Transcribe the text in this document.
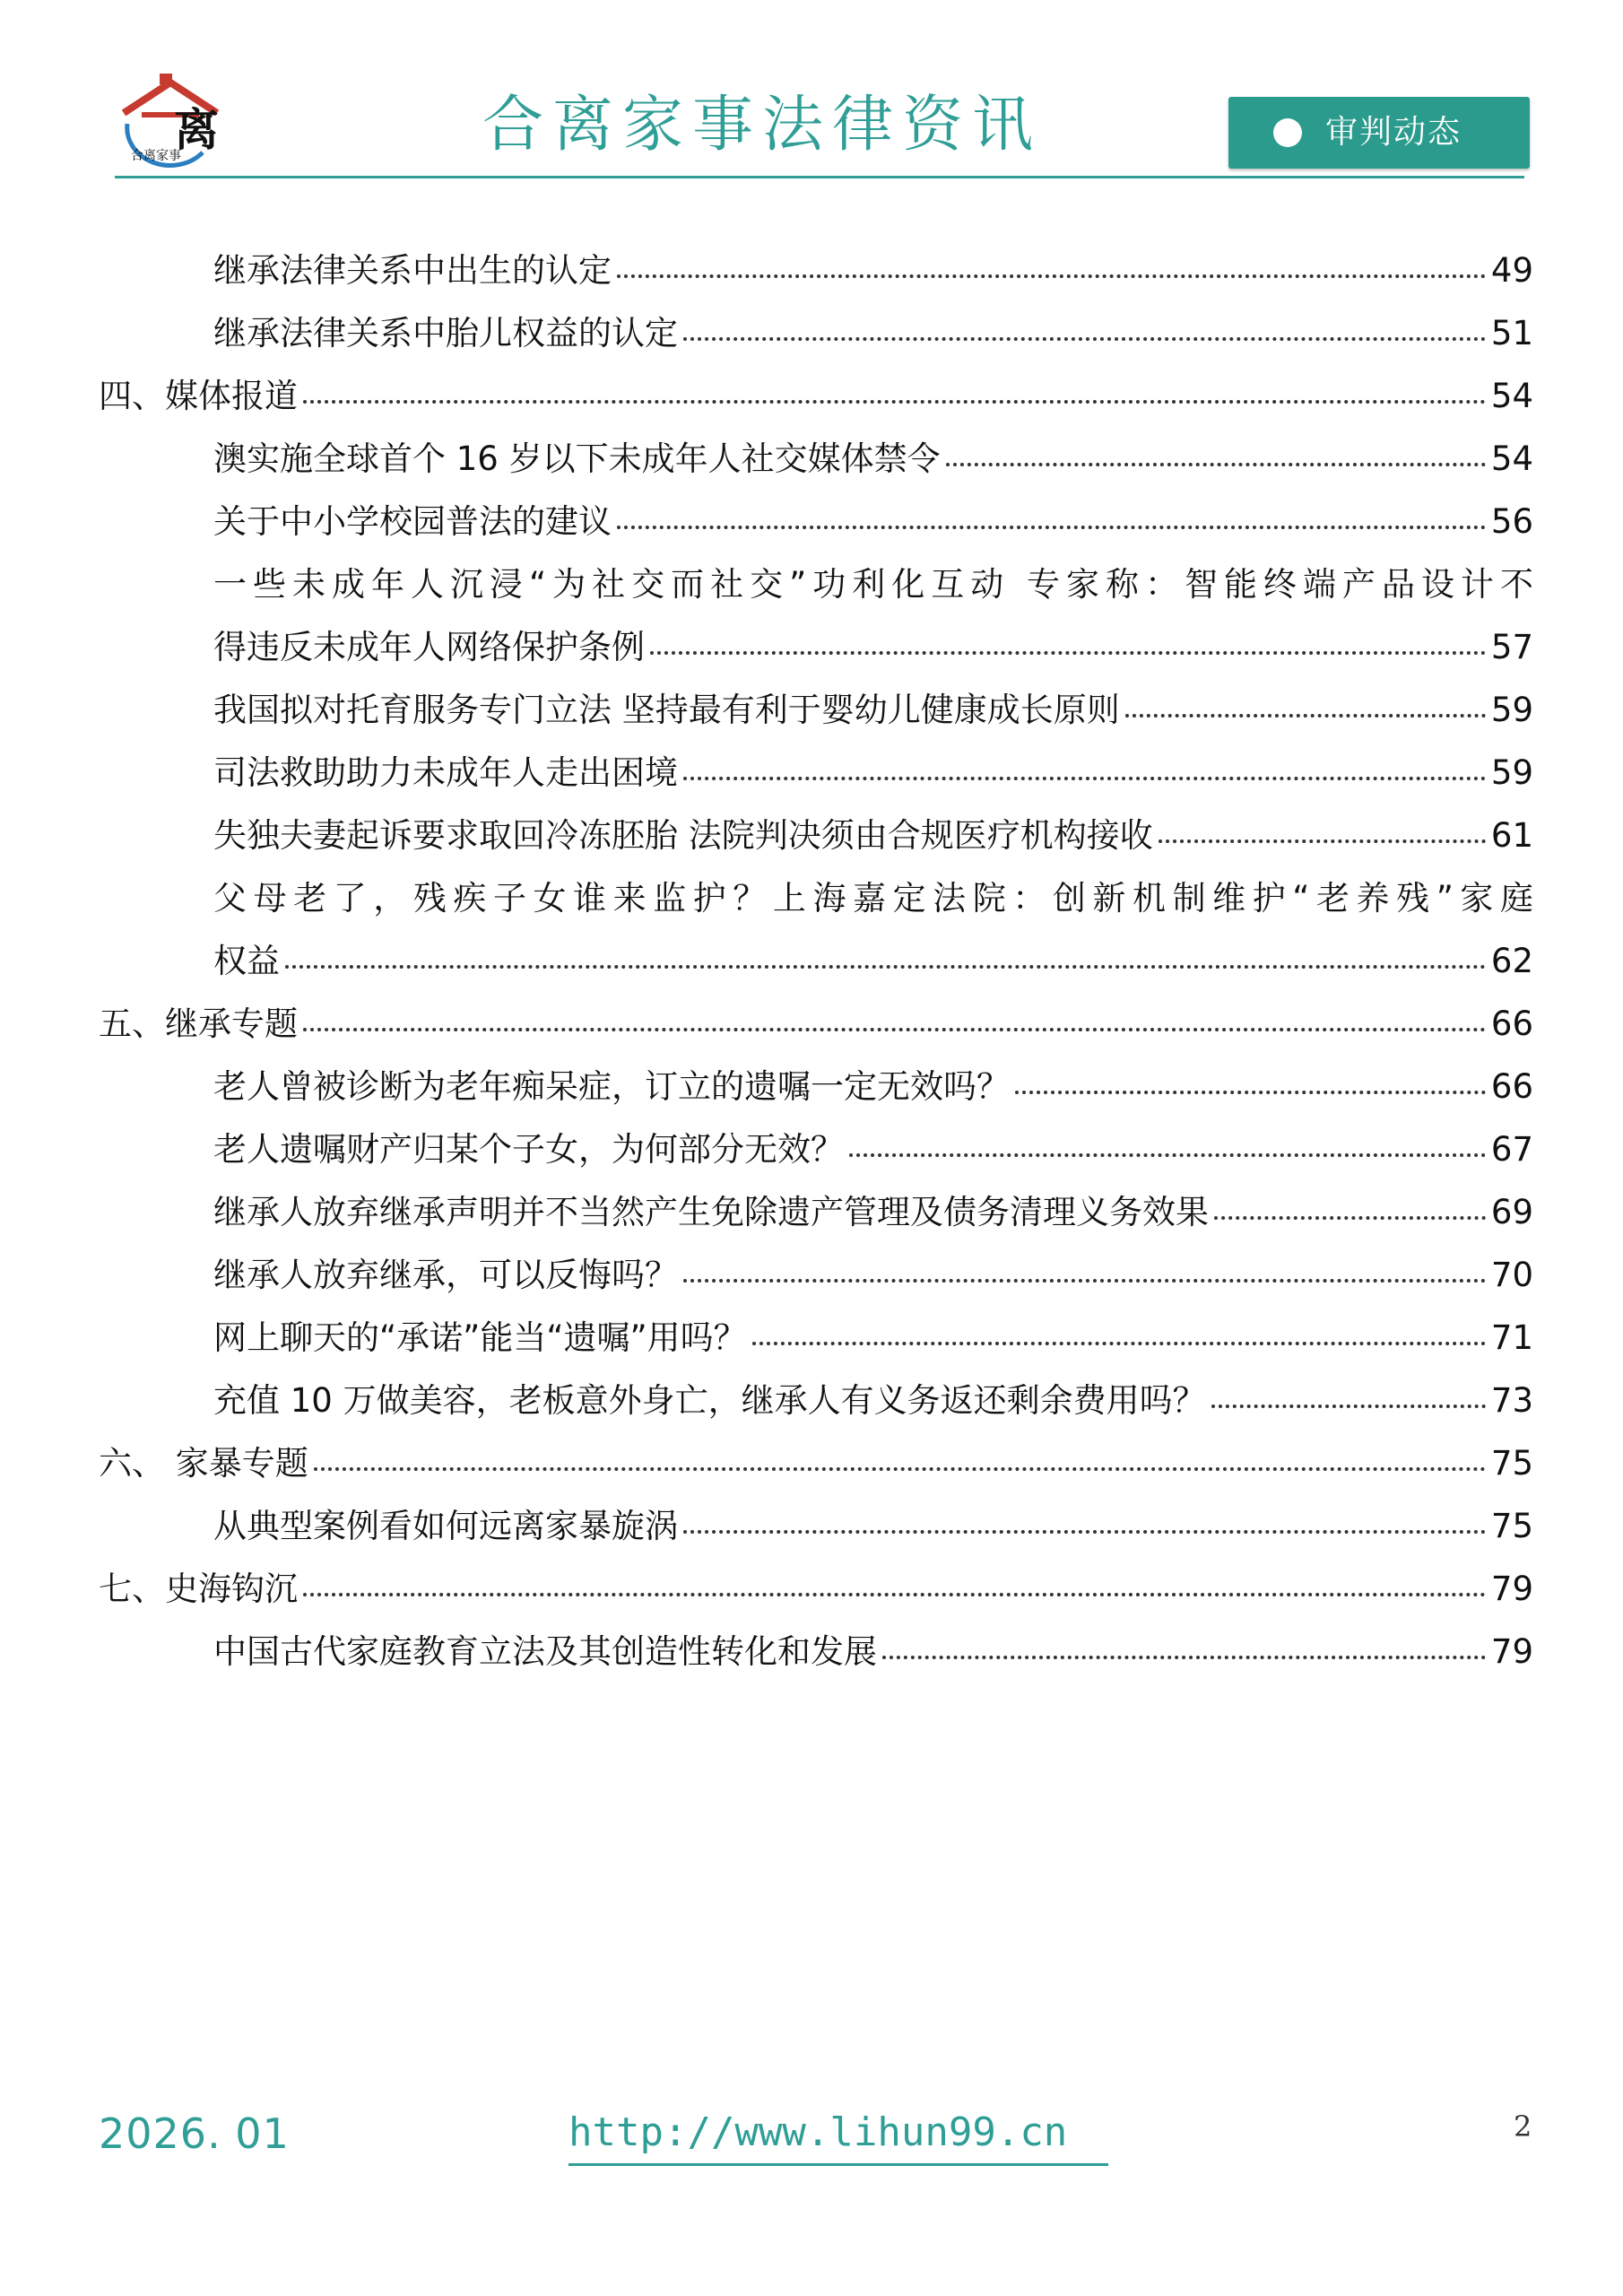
离
合离家事	合离家事法律资讯	审判动态
继承法律关系中出生的认定	49
继承法律关系中胎儿权益的认定	51
四、媒体报道	54
澳实施全球首个 16 岁以下未成年人社交媒体禁令	54
关于中小学校园普法的建议	56
一些未成年人沉浸“为社交而社交”功利化互动 专家称：智能终端产品设计不
得违反未成年人网络保护条例	57
我国拟对托育服务专门立法 坚持最有利于婴幼儿健康成长原则	59
司法救助助力未成年人走出困境	59
失独夫妻起诉要求取回冷冻胚胎 法院判决须由合规医疗机构接收	61
父母老了，残疾子女谁来监护？上海嘉定法院：创新机制维护“老养残”家庭
权益	62
五、继承专题	66
老人曾被诊断为老年痴呆症，订立的遗嘱一定无效吗？	66
老人遗嘱财产归某个子女，为何部分无效？	67
继承人放弃继承声明并不当然产生免除遗产管理及债务清理义务效果	69
继承人放弃继承，可以反悔吗？	70
网上聊天的“承诺”能当“遗嘱”用吗？	71
充值 10 万做美容，老板意外身亡，继承人有义务返还剩余费用吗？	73
六、 家暴专题	75
从典型案例看如何远离家暴旋涡	75
七、史海钩沉	79
中国古代家庭教育立法及其创造性转化和发展	79
2026. 01	http://www.lihun99.cn	2
